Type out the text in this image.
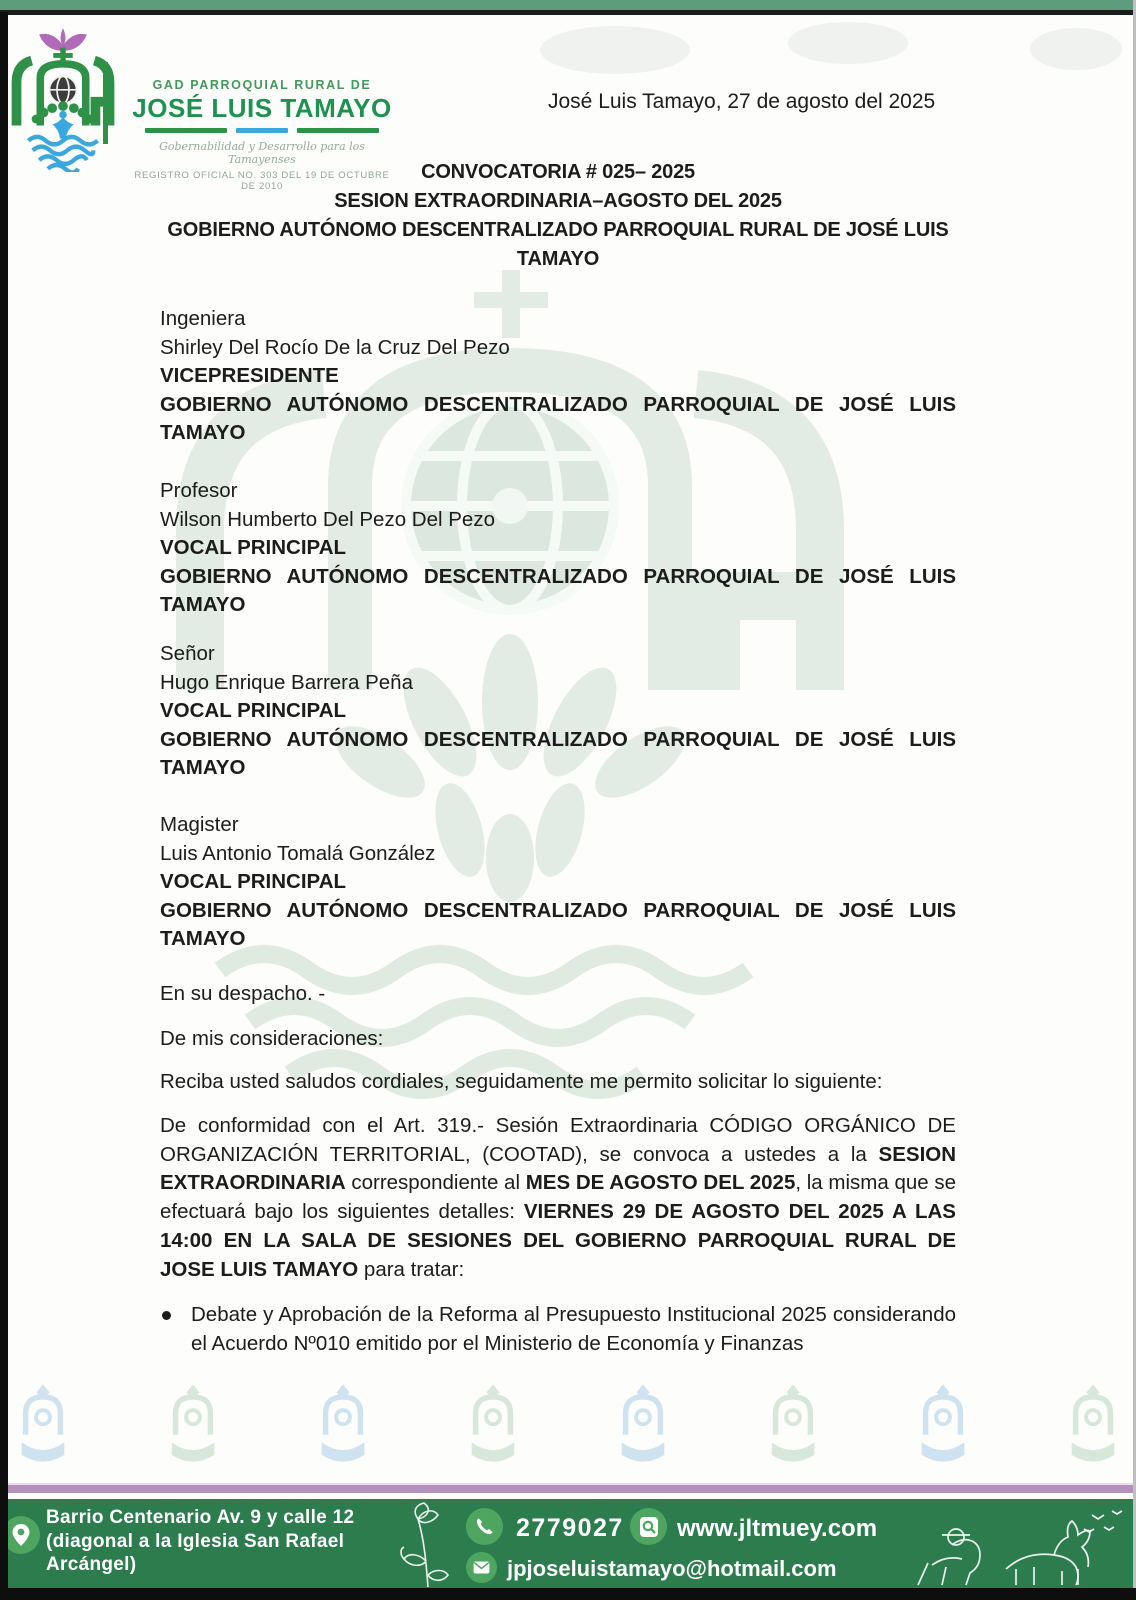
GAD PARROQUIAL RURAL DE
JOSÉ LUIS TAMAYO
Gobernabilidad y Desarrollo para los Tamayenses
REGISTRO OFICIAL NO. 303 DEL 19 DE OCTUBRE DE 2010
José Luis Tamayo, 27 de agosto del 2025
CONVOCATORIA # 025– 2025
SESION EXTRAORDINARIA–AGOSTO DEL 2025
GOBIERNO AUTÓNOMO DESCENTRALIZADO PARROQUIAL RURAL DE JOSÉ LUIS TAMAYO
Ingeniera
Shirley Del Rocío De la Cruz Del Pezo
VICEPRESIDENTE
GOBIERNO AUTÓNOMO DESCENTRALIZADO PARROQUIAL DE JOSÉ LUIS TAMAYO
Profesor
Wilson Humberto Del Pezo Del Pezo
VOCAL PRINCIPAL
GOBIERNO AUTÓNOMO DESCENTRALIZADO PARROQUIAL DE JOSÉ LUIS TAMAYO
Señor
Hugo Enrique Barrera Peña
VOCAL PRINCIPAL
GOBIERNO AUTÓNOMO DESCENTRALIZADO PARROQUIAL DE JOSÉ LUIS TAMAYO
Magister
Luis Antonio Tomalá González
VOCAL PRINCIPAL
GOBIERNO AUTÓNOMO DESCENTRALIZADO PARROQUIAL DE JOSÉ LUIS TAMAYO
En su despacho. -
De mis consideraciones:
Reciba usted saludos cordiales, seguidamente me permito solicitar lo siguiente:
De conformidad con el Art. 319.- Sesión Extraordinaria CÓDIGO ORGÁNICO DE ORGANIZACIÓN TERRITORIAL, (COOTAD), se convoca a ustedes a la SESION EXTRAORDINARIA correspondiente al MES DE AGOSTO DEL 2025, la misma que se efectuará bajo los siguientes detalles: VIERNES 29 DE AGOSTO DEL 2025 A LAS 14:00 EN LA SALA DE SESIONES DEL GOBIERNO PARROQUIAL RURAL DE JOSE LUIS TAMAYO para tratar:
Debate y Aprobación de la Reforma al Presupuesto Institucional 2025 considerando el Acuerdo Nº010 emitido por el Ministerio de Economía y Finanzas
Barrio Centenario Av. 9 y calle 12 (diagonal a la Iglesia San Rafael Arcángel)
2779027 www.jltmuey.com
jpjoseluistamayo@hotmail.com
